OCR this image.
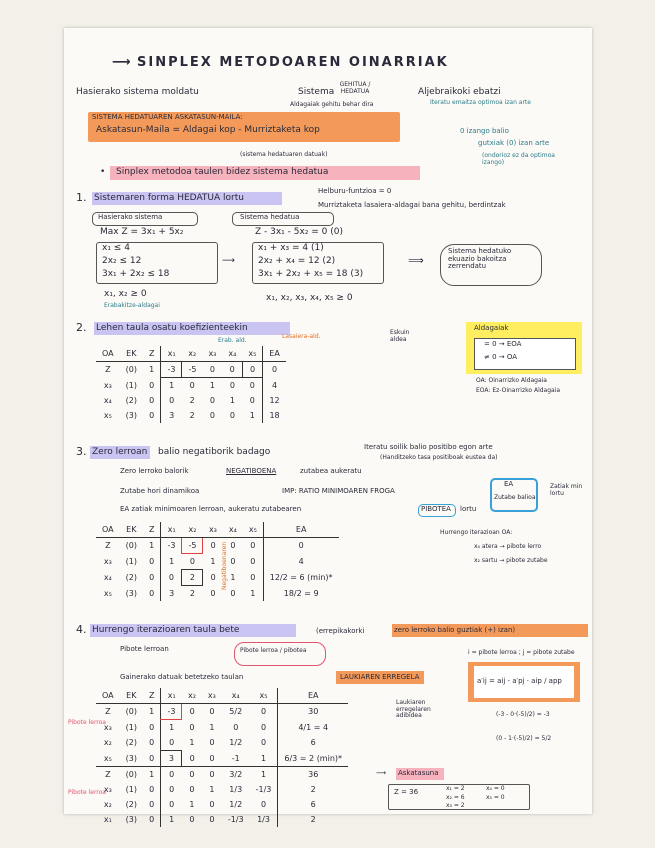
⟶ SINPLEX METODOAREN OINARRIAK
Hasierako sistema moldatu	Sistema
GEHITUA / HEDATUA	Aljebraikoki ebatzi
Aldagaiak gehitu behar dira	Iteratu emaitza optimoa izan arte
SISTEMA HEDATUAREN ASKATASUN-MAILA:
Askatasun-Maila = Aldagai kop - Murriztaketa kop
(sistema hedatuaren datuak)
0 izango balio
gutxiak (0) izan arte
(ondorioz ez da optimoa izango)
• Sinplex metodoa taulen bidez sistema hedatua
1. Sistemaren forma HEDATUA lortu
Helburu-funtzioa = 0
Murriztaketa lasaiera-aldagai bana gehitu, berdintzak
Hasierako sistema	Sistema hedatua
Max Z = 3x₁ + 5x₂	Z - 3x₁ - 5x₂ = 0 (0)
x₁ ≤ 4
2x₂ ≤ 12
3x₁ + 2x₂ ≤ 18
⟶
x₁ + x₃ = 4 (1)
2x₂ + x₄ = 12 (2)
3x₁ + 2x₂ + x₅ = 18 (3)
⟹
Sistema hedatuko ekuazio bakoitza zerrendatu
x₁, x₂ ≥ 0
Erabakitze-aldagai
x₁, x₂, x₃, x₄, x₅ ≥ 0
2. Lehen taula osatu koefizienteekin
Erab. ald.
Lasaiera-ald.
Eskuin aldea
OA	EK	Z	x₁	x₂	x₃	x₄	x₅	EA
Z	(0)	1	-3	-5	0	0	0	0
x₃	(1)	0	1	0	1	0	0	4
x₄	(2)	0	0	2	0	1	0	12
x₅	(3)	0	3	2	0	0	1	18
Aldagaiak
= 0 → EOA
≠ 0 → OA
OA: Oinarrizko Aldagaia
EOA: Ez-Oinarrizko Aldagaia
3. Zero lerroan balio negatiborik badago	Iteratu soilik balio positibo egon arte
(Handitzeko tasa positiboak eustea da)
Zero lerroko balorik	NEGATIBOENA	zutabea aukeratu
Zutabe hori dinamikoa	IMP: RATIO MINIMOAREN FROGA
EA
Zutabe balioa
Zatiak min lortu
EA zatiak minimoaren lerroan, aukeratu zutabearen	PIBOTEA lortu
OA	EK	Z	x₁	x₂	x₃	x₄	x₅	EA
Z	(0)	1	-3	-5	0	0	0	0
x₃	(1)	0	1	0	1	0	0	4
x₄	(2)	0	0	2	0	1	0	12/2 = 6 (min)*
x₅	(3)	0	3	2	0	0	1	18/2 = 9
Negatiboenaren
Hurrengo iterazioan OA:
x₄ atera → pibote lerro
x₂ sartu → pibote zutabe
4. Hurrengo iterazioaren taula bete	(errepikakorki	zero lerroko balio guztiak (+) izan)
Pibote lerroan	Pibote lerroa / pibotea
Gainerako datuak betetzeko taulan	LAUKIAREN ERREGELA
i = pibote lerroa ; j = pibote zutabe
a′ij = aij - a′pj · aip / app
Pibote lerroa
Pibote lerroa
OA	EK	Z	x₁	x₂	x₃	x₄	x₅	EA
Z	(0)	1	-3	0	0	5/2	0	30
x₃	(1)	0	1	0	1	0	0	4/1 = 4
x₂	(2)	0	0	1	0	1/2	0	6
x₅	(3)	0	3	0	0	-1	1	6/3 = 2 (min)*
Z	(0)	1	0	0	0	3/2	1	36
x₃	(1)	0	0	0	1	1/3	-1/3	2
x₂	(2)	0	0	1	0	1/2	0	6
x₁	(3)	0	1	0	0	-1/3	1/3	2
Laukiaren erregelaren adibidea	(-3 - 0·(-5)/2) = -3
(0 - 1·(-5)/2) = 5/2
⟶ Askatasuna
Z = 36	x₁ = 2
x₂ = 6
x₃ = 2
x₄ = 0
x₅ = 0
